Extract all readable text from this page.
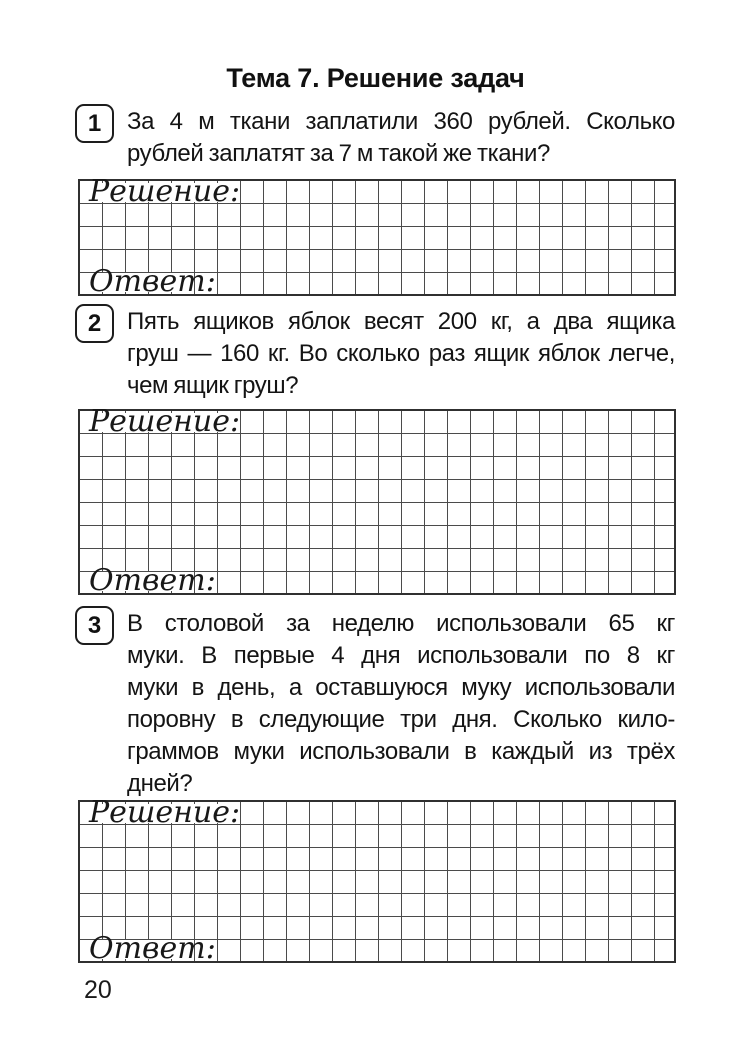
Тема 7. Решение задач
1 За 4 м ткани заплатили 360 рублей. Сколько
рублей заплатят за 7 м такой же ткани?
Решение:
Ответ:
2 Пять ящиков яблок весят 200 кг, а два ящика
груш — 160 кг. Во сколько раз ящик яблок легче,
чем ящик груш?
Решение:
Ответ:
3 В столовой за неделю использовали 65 кг
муки. В первые 4 дня использовали по 8 кг
муки в день, а оставшуюся муку использовали
поровну в следующие три дня. Сколько кило-
граммов муки использовали в каждый из трёх
дней?
Решение:
Ответ:
20
